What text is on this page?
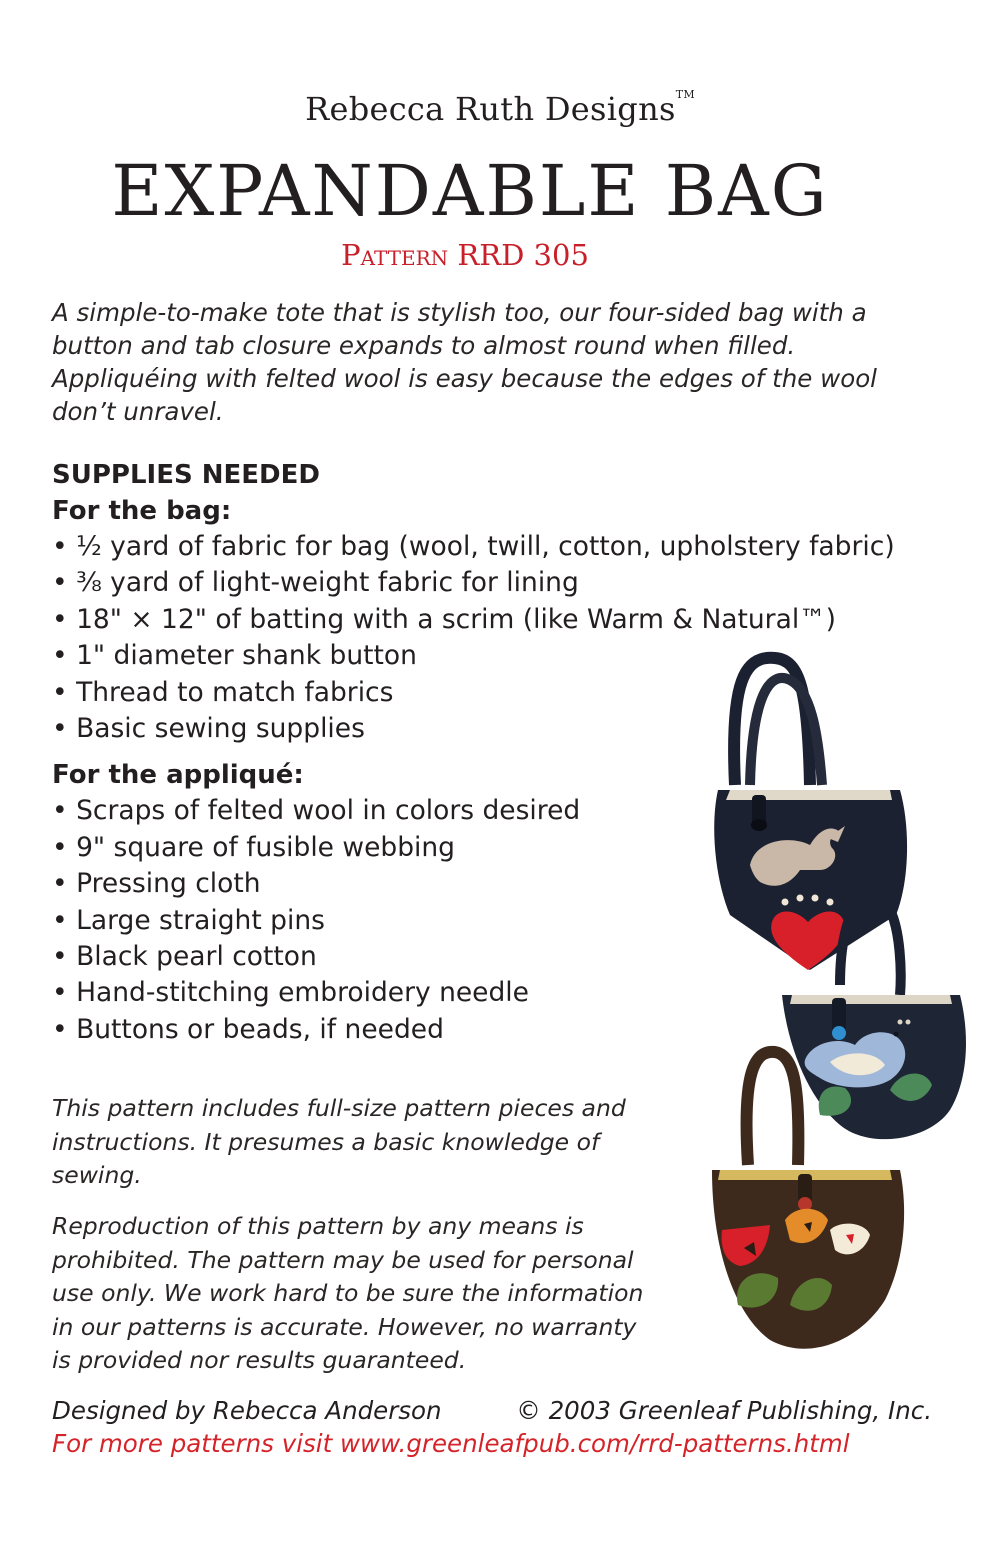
Rebecca Ruth Designs™
EXPANDABLE BAG
Pattern RRD 305
A simple-to-make tote that is stylish too, our four-sided bag with a button and tab closure expands to almost round when filled. Appliquéing with felted wool is easy because the edges of the wool don’t unravel.
SUPPLIES NEEDED
For the bag:
• ½ yard of fabric for bag (wool, twill, cotton, upholstery fabric)
• ⅜ yard of light-weight fabric for lining
• 18" × 12" of batting with a scrim (like Warm & Natural™)
• 1" diameter shank button
• Thread to match fabrics
• Basic sewing supplies
For the appliqué:
• Scraps of felted wool in colors desired
• 9" square of fusible webbing
• Pressing cloth
• Large straight pins
• Black pearl cotton
• Hand-stitching embroidery needle
• Buttons or beads, if needed
This pattern includes full-size pattern pieces and instructions. It presumes a basic knowledge of sewing.
Reproduction of this pattern by any means is prohibited. The pattern may be used for personal use only. We work hard to be sure the information in our patterns is accurate. However, no warranty is provided nor results guaranteed.
Designed by Rebecca Anderson	© 2003 Greenleaf Publishing, Inc.
For more patterns visit www.greenleafpub.com/rrd-patterns.html
